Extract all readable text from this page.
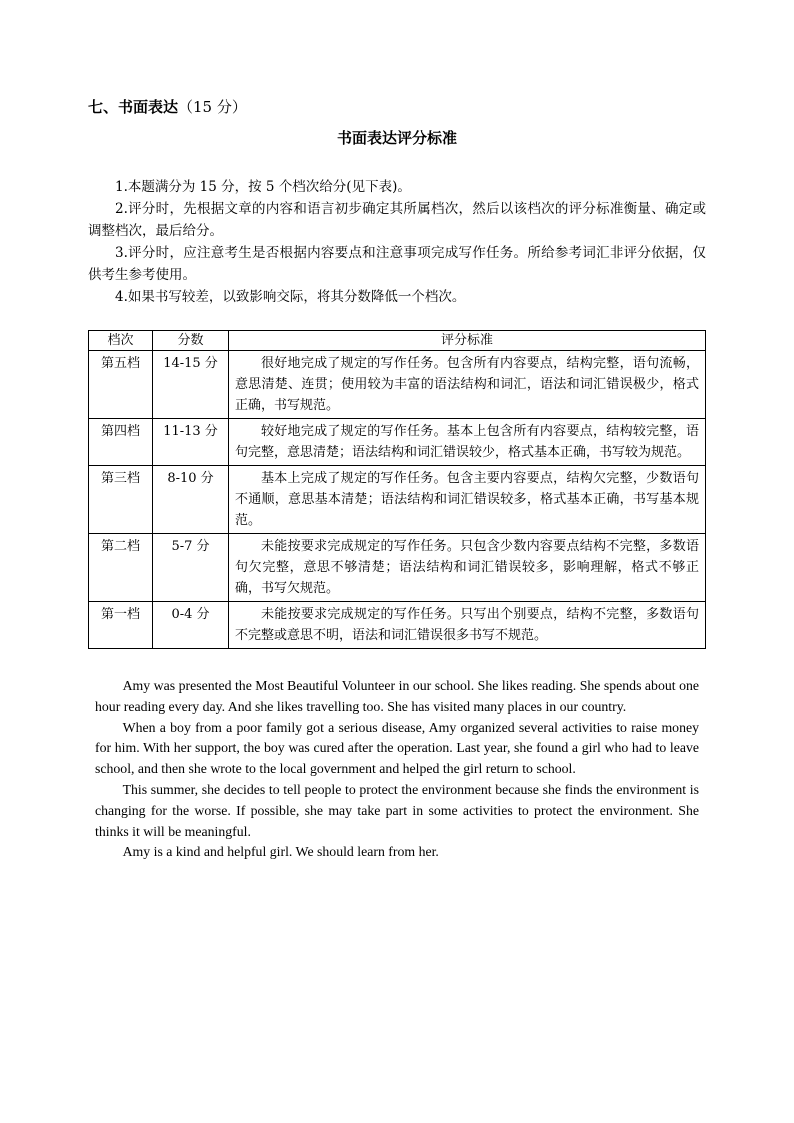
七、书面表达（15 分）
书面表达评分标准

1.本题满分为 15 分，按 5 个档次给分(见下表)。

2.评分时，先根据文章的内容和语言初步确定其所属档次，然后以该档次的评分标准衡量、确定或调整档次，最后给分。

3.评分时，应注意考生是否根据内容要点和注意事项完成写作任务。所给参考词汇非评分依据，仅供考生参考使用。

4.如果书写较差，以致影响交际，将其分数降低一个档次。

档次	分数	评分标准
第五档	14-15 分	很好地完成了规定的写作任务。包含所有内容要点，结构完整，语句流畅，意思清楚、连贯；使用较为丰富的语法结构和词汇，语法和词汇错误极少，格式正确，书写规范。

第四档	11-13 分	较好地完成了规定的写作任务。基本上包含所有内容要点，结构较完整，语句完整，意思清楚；语法结构和词汇错误较少，格式基本正确，书写较为规范。

第三档	8-10 分	基本上完成了规定的写作任务。包含主要内容要点，结构欠完整，少数语句不通顺，意思基本清楚；语法结构和词汇错误较多，格式基本正确，书写基本规范。

第二档	5-7 分	未能按要求完成规定的写作任务。只包含少数内容要点结构不完整，多数语句欠完整，意思不够清楚；语法结构和词汇错误较多，影响理解，格式不够正确，书写欠规范。

第一档	0-4 分	未能按要求完成规定的写作任务。只写出个别要点，结构不完整，多数语句不完整或意思不明，语法和词汇错误很多书写不规范。

Amy was presented the Most Beautiful Volunteer in our school. She likes reading. She spends about one hour reading every day. And she likes travelling too. She has visited many places in our country.

When a boy from a poor family got a serious disease, Amy organized several activities to raise money for him. With her support, the boy was cured after the operation. Last year, she found a girl who had to leave school, and then she wrote to the local government and helped the girl return to school.

This summer, she decides to tell people to protect the environment because she finds the environment is changing for the worse. If possible, she may take part in some activities to protect the environment. She thinks it will be meaningful.

Amy is a kind and helpful girl. We should learn from her.
